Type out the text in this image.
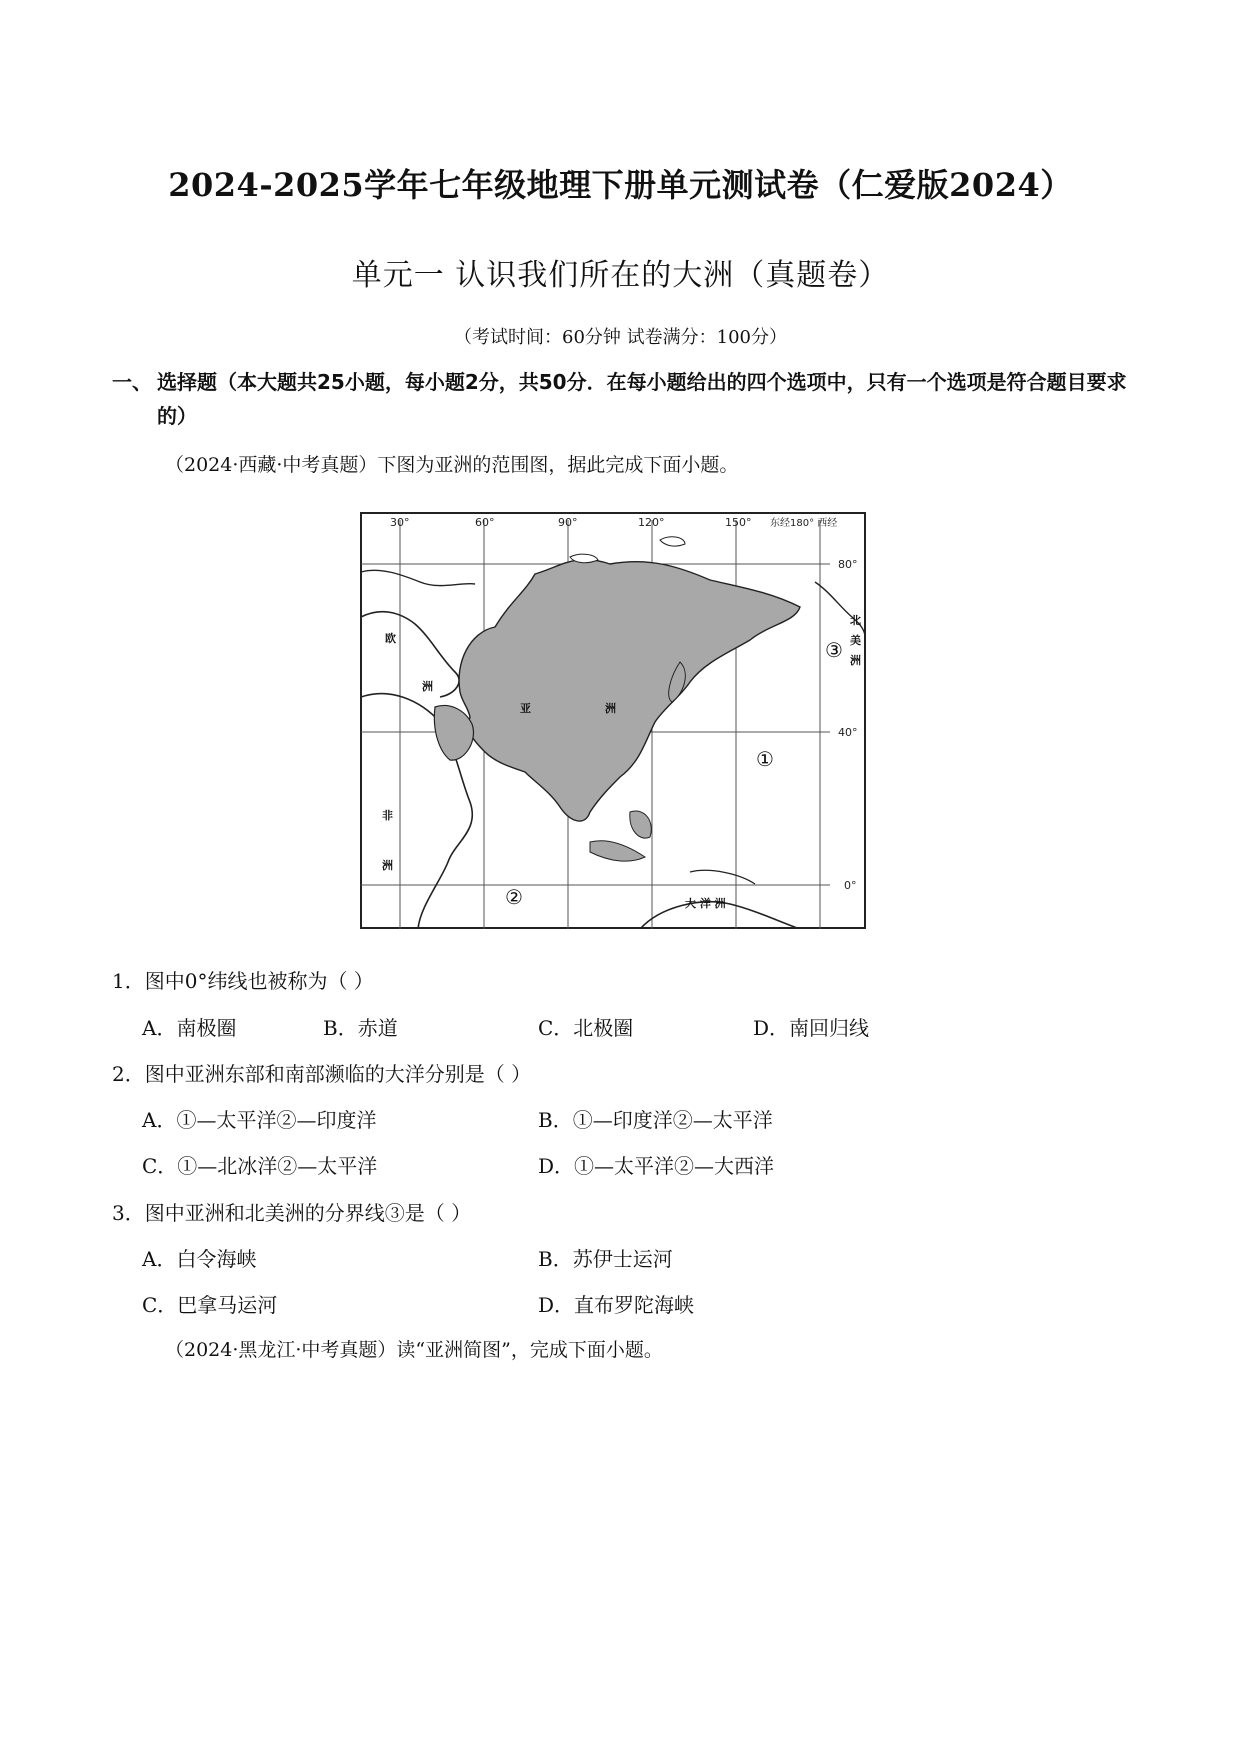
2024-2025学年七年级地理下册单元测试卷（仁爱版2024）
单元一 认识我们所在的大洲（真题卷）
（考试时间：60分钟 试卷满分：100分）
一、 选择题（本大题共25小题，每小题2分，共50分．在每小题给出的四个选项中，只有一个选项是符合题目要求的）
（2024·西藏·中考真题）下图为亚洲的范围图，据此完成下面小题。
30°	60°	90°	120°	150° 东经180° 西经
80°
40°
0°
欧
洲
亚	洲
非
洲
大 洋 洲
北
美
洲
①
②
③
1．图中0°纬线也被称为（ ）
A．南极圈	B．赤道	C．北极圈	D．南回归线
2．图中亚洲东部和南部濒临的大洋分别是（ ）
A．①—太平洋②—印度洋	B．①—印度洋②—太平洋
C．①—北冰洋②—太平洋	D．①—太平洋②—大西洋
3．图中亚洲和北美洲的分界线③是（ ）
A．白令海峡	B．苏伊士运河
C．巴拿马运河	D．直布罗陀海峡
（2024·黑龙江·中考真题）读“亚洲简图”，完成下面小题。
